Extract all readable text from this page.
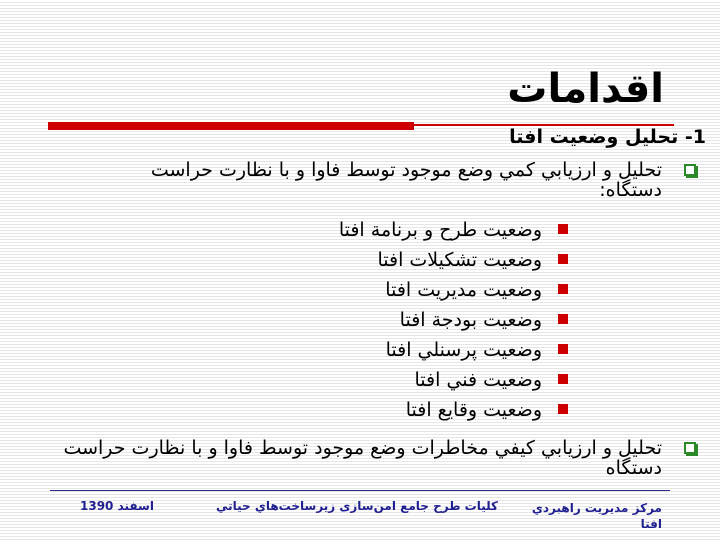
اقدامات
1- تحليل وضعيت افتا
تحليل و ارزيابي كمي وضع موجود توسط فاوا و با نظارت حراست دستگاه:
وضعيت طرح و برنامة افتا
وضعيت تشكيلات افتا
وضعيت مديريت افتا
وضعيت بودجة افتا
وضعيت پرسنلي افتا
وضعيت فني افتا
وضعيت وقايع افتا
تحليل و ارزيابي كيفي مخاطرات وضع موجود توسط فاوا و با نظارت حراست دستگاه
مركز مديريت راهبردي افتا
كليات طرح جامع امن‌سازی زیرساخت‌هاي حياتي
اسفند 1390
